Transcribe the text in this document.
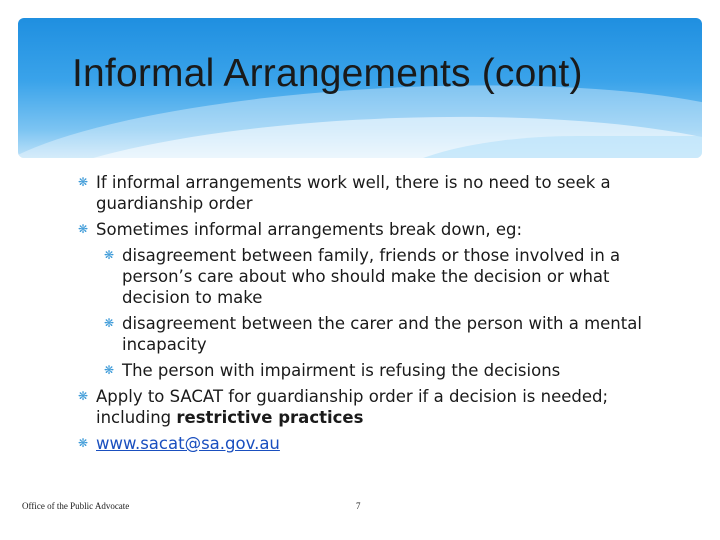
Informal Arrangements (cont)
❋ If informal arrangements work well, there is no need to seek a guardianship order
❋ Sometimes informal arrangements break down, eg:
❋ disagreement between family, friends or those involved in a person’s care about who should make the decision or what decision to make
❋ disagreement between the carer and the person with a mental incapacity
❋ The person with impairment is refusing the decisions
❋ Apply to SACAT for guardianship order if a decision is needed; including restrictive practices
❋ www.sacat@sa.gov.au
Office of the Public Advocate	7
